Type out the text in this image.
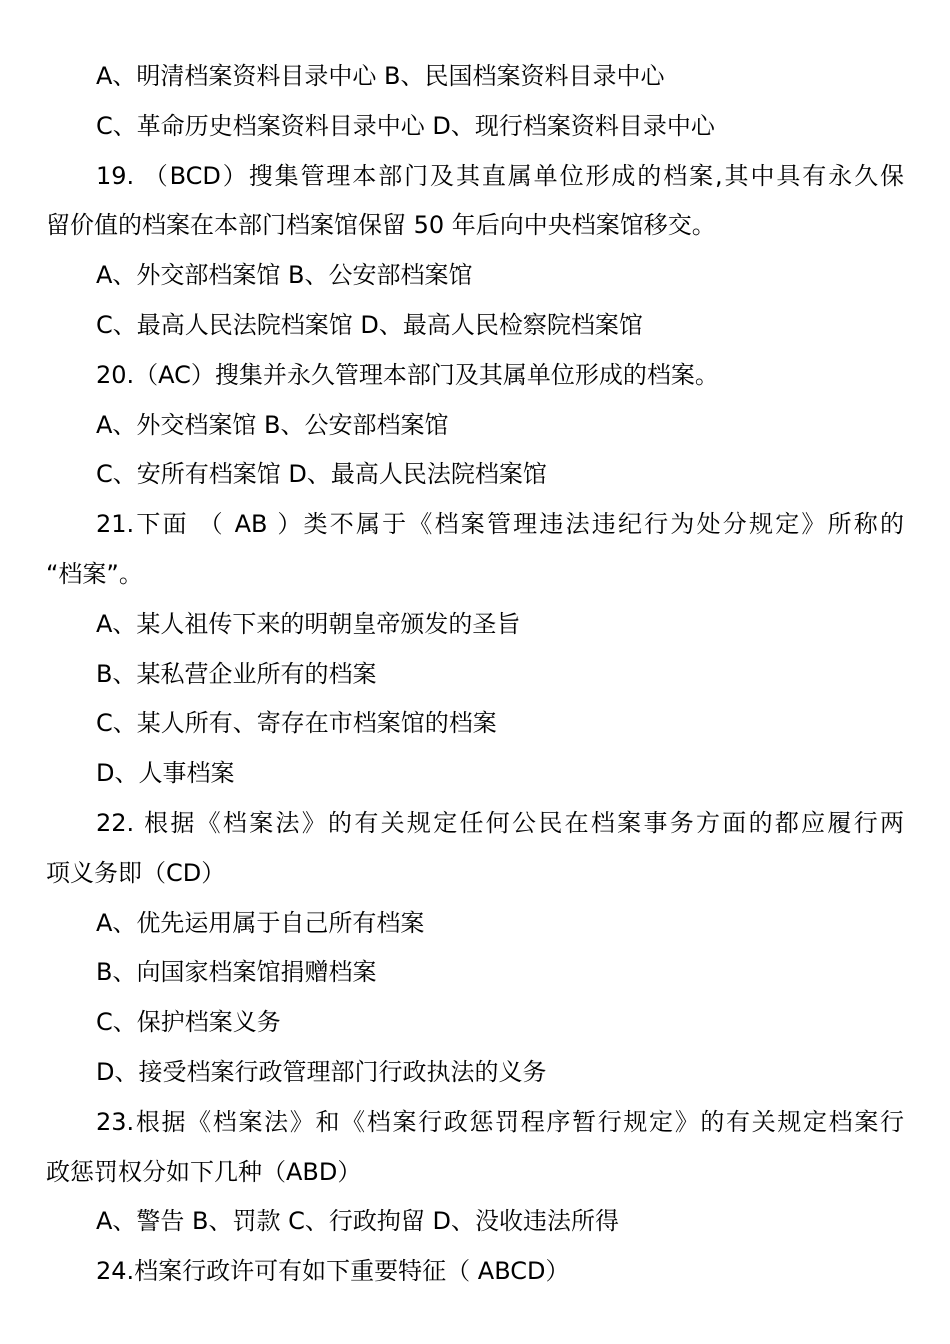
A、明清档案资料目录中心 B、民国档案资料目录中心
C、革命历史档案资料目录中心 D、现行档案资料目录中心
19. （BCD）搜集管理本部门及其直属单位形成的档案,其中具有永久保
留价值的档案在本部门档案馆保留 50 年后向中央档案馆移交。
A、外交部档案馆 B、公安部档案馆
C、最高人民法院档案馆 D、最高人民检察院档案馆
20.（AC）搜集并永久管理本部门及其属单位形成的档案。
A、外交档案馆 B、公安部档案馆
C、安所有档案馆 D、最高人民法院档案馆
21.下面 （ AB ）类不属于《档案管理违法违纪行为处分规定》所称的
“档案”。
A、某人祖传下来的明朝皇帝颁发的圣旨
B、某私营企业所有的档案
C、某人所有、寄存在市档案馆的档案
D、人事档案
22. 根据《档案法》的有关规定任何公民在档案事务方面的都应履行两
项义务即（CD）
A、优先运用属于自己所有档案
B、向国家档案馆捐赠档案
C、保护档案义务
D、接受档案行政管理部门行政执法的义务
23.根据《档案法》和《档案行政惩罚程序暂行规定》的有关规定档案行
政惩罚权分如下几种（ABD）
A、警告 B、罚款 C、行政拘留 D、没收违法所得
24.档案行政许可有如下重要特征（ ABCD）
